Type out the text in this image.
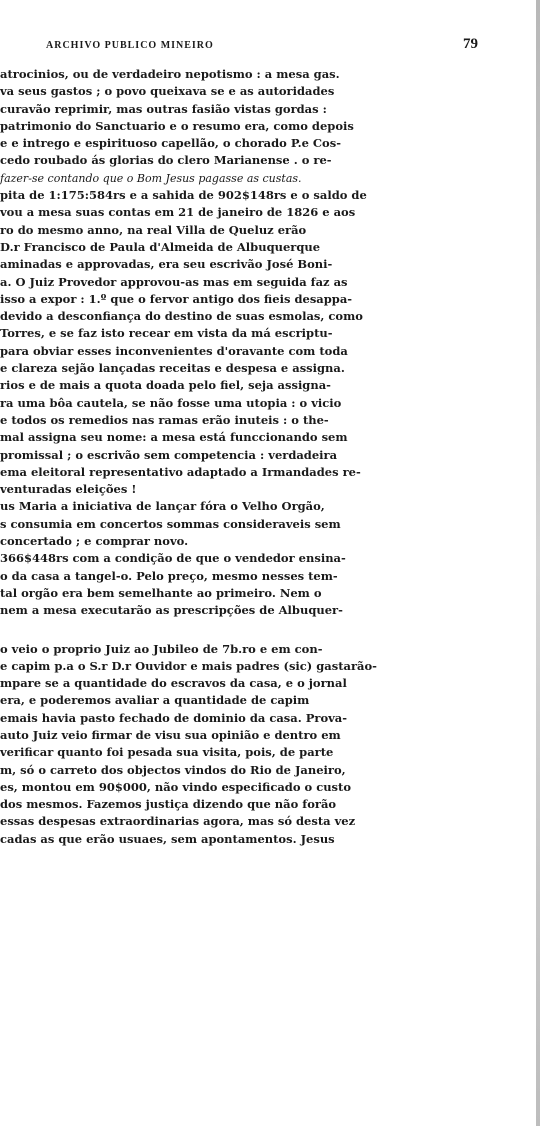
ARCHIVO PUBLICO MINEIRO	79
atrocinios, ou de verdadeiro nepotismo : a mesa gas.
va seus gastos ; o povo queixava se e as autoridades
curavão reprimir, mas outras fasião vistas gordas :
patrimonio do Sanctuario e o resumo era, como depois
e e intrego e espirituoso capellão, o chorado P.e Cos-
cedo roubado ás glorias do clero Marianense . o re-
fazer-se contando que o Bom Jesus pagasse as custas.
pita de 1:175:584rs e a sahida de 902$148rs e o saldo de
vou a mesa suas contas em 21 de janeiro de 1826 e aos
ro do mesmo anno, na real Villa de Queluz erão
D.r Francisco de Paula d'Almeida de Albuquerque
aminadas e approvadas, era seu escrivão José Boni-
a. O Juiz Provedor approvou-as mas em seguida faz as
isso a expor : 1.º que o fervor antigo dos fieis desappa-
devido a desconfiança do destino de suas esmolas, como
Torres, e se faz isto recear em vista da má escriptu-
para obviar esses inconvenientes d'oravante com toda
e clareza sejão lançadas receitas e despesa e assigna.
rios e de mais a quota doada pelo fiel, seja assigna-
ra uma bôa cautela, se não fosse uma utopia : o vicio
e todos os remedios nas ramas erão inuteis : o the-
mal assigna seu nome: a mesa está funccionando sem
promissal ; o escrivão sem competencia : verdadeira
ema eleitoral representativo adaptado a Irmandades re-
venturadas eleições !
us Maria a iniciativa de lançar fóra o Velho Orgão,
s consumia em concertos sommas consideraveis sem
concertado ; e comprar novo.
366$448rs com a condição de que o vendedor ensina-
o da casa a tangel-o. Pelo preço, mesmo nesses tem-
tal orgão era bem semelhante ao primeiro. Nem o
nem a mesa executarão as prescripções de Albuquer-
o veio o proprio Juiz ao Jubileo de 7b.ro e em con-
e capim p.a o S.r D.r Ouvidor e mais padres (sic) gastarão-
mpare se a quantidade do escravos da casa, e o jornal
era, e poderemos avaliar a quantidade de capim
emais havia pasto fechado de dominio da casa. Prova-
auto Juiz veio firmar de visu sua opinião e dentro em
verificar quanto foi pesada sua visita, pois, de parte
m, só o carreto dos objectos vindos do Rio de Janeiro,
es, montou em 90$000, não vindo especificado o custo
dos mesmos. Fazemos justiça dizendo que não forão
essas despesas extraordinarias agora, mas só desta vez
cadas as que erão usuaes, sem apontamentos. Jesus
